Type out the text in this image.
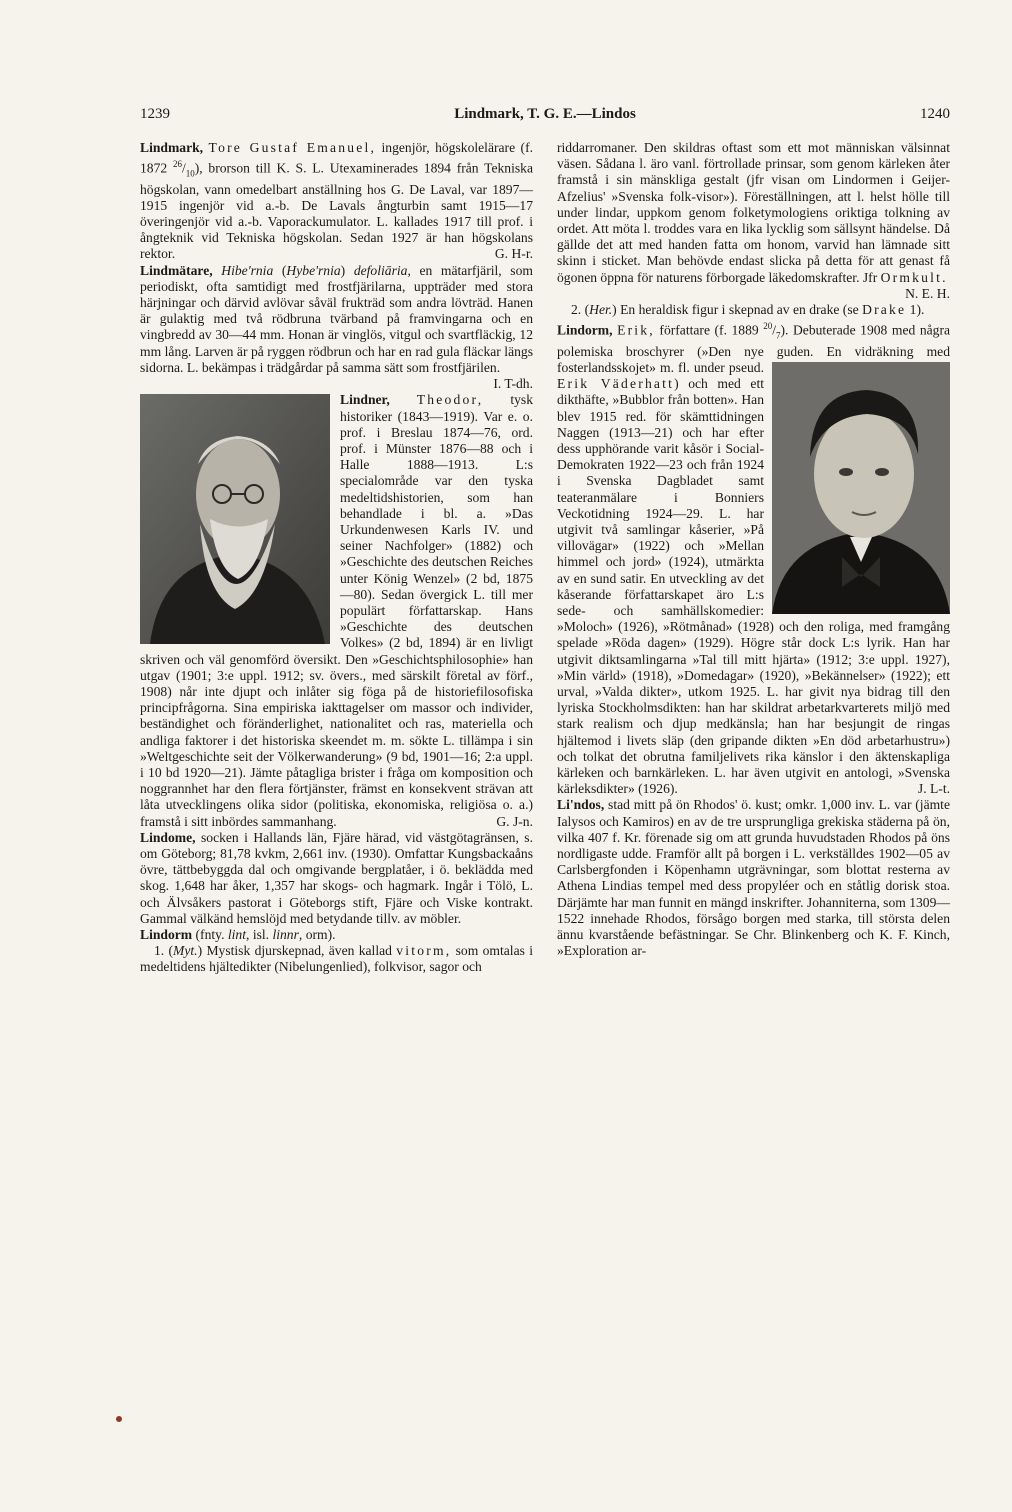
1239	Lindmark, T. G. E.—Lindos	1240

Lindmark, Tore Gustaf Emanuel, ingenjör, högskolelärare (f. 1872 $^{26}/_{10}$), brorson till K. S. L. Utexaminerades 1894 från Tekniska högskolan, vann omedelbart anställning hos G. De Laval, var 1897—1915 ingenjör vid a.-b. De Lavals ångturbin samt 1915—17 överingenjör vid a.-b. Vaporackumulator. L. kallades 1917 till prof. i ångteknik vid Tekniska högskolan. Sedan 1927 är han högskolans rektor.	G. H-r.

Lindmätare, Hibe'rnia (Hybe'rnia) defoliāria, en mätarfjäril, som periodiskt, ofta samtidigt med frostfjärilarna, uppträder med stora härjningar och därvid avlövar såväl frukträd som andra lövträd. Hanen är gulaktig med två rödbruna tvärband på framvingarna och en vingbredd av 30—44 mm. Honan är vinglös, vitgul och svartfläckig, 12 mm lång. Larven är på ryggen rödbrun och har en rad gula fläckar längs sidorna. L. bekämpas i trädgårdar på samma sätt som frostfjärilen.
I. T-dh.

Lindner, Theodor,
tysk historiker (1843—1919). Var e. o. prof. i Breslau 1874—76, ord. prof. i Münster 1876—88 och i Halle 1888—1913. L:s specialområde var den tyska medeltidshistorien, som han behandlade i bl. a. »Das Urkundenwesen Karls IV. und seiner Nachfolger» (1882) och »Geschichte des deutschen Reiches unter König Wenzel» (2 bd, 1875—80). Sedan övergick L. till mer populärt författarskap. Hans »Geschichte des deutschen Volkes» (2 bd, 1894) är en livligt skriven och väl genomförd översikt. Den »Geschichtsphilosophie» han utgav (1901; 3:e uppl. 1912; sv. övers., med särskilt företal av förf., 1908) når inte djupt och inlåter sig föga på de historiefilosofiska principfrågorna. Sina empiriska iakttagelser om massor och individer, beständighet och föränderlighet, nationalitet och ras, materiella och andliga faktorer i det historiska skeendet m. m. sökte L. tillämpa i sin »Weltgeschichte seit der Völkerwanderung» (9 bd, 1901—16; 2:a uppl. i 10 bd 1920—21). Jämte påtagliga brister i fråga om komposition och noggrannhet har den flera förtjänster, främst en konsekvent strävan att låta utvecklingens olika sidor (politiska, ekonomiska, religiösa o. a.) framstå i sitt inbördes sammanhang.	G. J-n.

Lindome, socken i Hallands län, Fjäre härad, vid västgötagränsen, s. om Göteborg; 81,78 kvkm, 2,661 inv. (1930). Omfattar Kungsbackaåns övre, tättbebyggda dal och omgivande bergplatåer, i ö. beklädda med skog. 1,648 har åker, 1,357 har skogs- och hagmark. Ingår i Tölö, L. och Älvsåkers pastorat i Göteborgs stift, Fjäre och Viske kontrakt. Gammal välkänd hemslöjd med betydande tillv. av möbler.

Lindorm (fnty. lint, isl. linnr, orm).

1. (Myt.) Mystisk djurskepnad, även kallad vitorm, som omtalas i medeltidens hjältedikter (Nibelungenlied), folkvisor, sagor och

riddarromaner. Den skildras oftast som ett mot människan välsinnat väsen. Sådana l. äro vanl. förtrollade prinsar, som genom kärleken åter framstå i sin mänskliga gestalt (jfr visan om Lindormen i Geijer-Afzelius' »Svenska folk-visor»). Föreställningen, att l. helst hölle till under lindar, uppkom genom folketymologiens oriktiga tolkning av ordet. Att möta l. troddes vara en lika lycklig som sällsynt händelse. Då gällde det att med handen fatta om honom, varvid han lämnade sitt skinn i sticket. Man behövde endast slicka på detta för att genast få ögonen öppna för naturens förborgade läkedomskrafter. Jfr Ormkult.
N. E. H.

2. (Her.) En heraldisk figur i skepnad av en drake (se Drake 1).

Lindorm, Erik, författare (f. 1889 $^{20}/_7$). Debuterade 1908 med några polemiska broschyrer (»Den nye guden. En vidräkning med fosterlandsskojet» m. fl. under pseud.
Erik Väderhatt) och med ett dikthäfte, »Bubblor från botten». Han blev 1915 red. för skämttidningen Naggen (1913—21) och har efter dess upphörande varit kåsör i Social-Demokraten 1922—23 och från 1924 i Svenska Dagbladet samt teateranmälare i Bonniers Veckotidning 1924—29. L. har utgivit två samlingar kåserier, »På villovägar» (1922) och »Mellan himmel och jord» (1924), utmärkta av en sund satir. En utveckling av det kåserande författarskapet äro L:s sede- och samhällskomedier: »Moloch» (1926), »Rötmånad» (1928) och den roliga, med framgång spelade »Röda dagen» (1929). Högre står dock L:s lyrik. Han har utgivit diktsamlingarna »Tal till mitt hjärta» (1912; 3:e uppl. 1927), »Min värld» (1918), »Domedagar» (1920), »Bekännelser» (1922); ett urval, »Valda dikter», utkom 1925. L. har givit nya bidrag till den lyriska Stockholmsdikten: han har skildrat arbetarkvarterets miljö med stark realism och djup medkänsla; han har besjungit de ringas hjältemod i livets släp (den gripande dikten »En död arbetarhustru») och tolkat det obrutna familjelivets rika känslor i den äktenskapliga kärleken och barnkärleken. L. har även utgivit en antologi, »Svenska kärleksdikter» (1926).	J. L-t.

Li'ndos, stad mitt på ön Rhodos' ö. kust; omkr. 1,000 inv. L. var (jämte Ialysos och Kamiros) en av de tre ursprungliga grekiska städerna på ön, vilka 407 f. Kr. förenade sig om att grunda huvudstaden Rhodos på öns nordligaste udde. Framför allt på borgen i L. verkställdes 1902—05 av Carlsbergfonden i Köpenhamn utgrävningar, som blottat resterna av Athena Lindias tempel med dess propyléer och en ståtlig dorisk stoa. Därjämte har man funnit en mängd inskrifter. Johanniterna, som 1309—1522 innehade Rhodos, försågo borgen med starka, till största delen ännu kvarstående befästningar. Se Chr. Blinkenberg och K. F. Kinch, »Exploration ar-
